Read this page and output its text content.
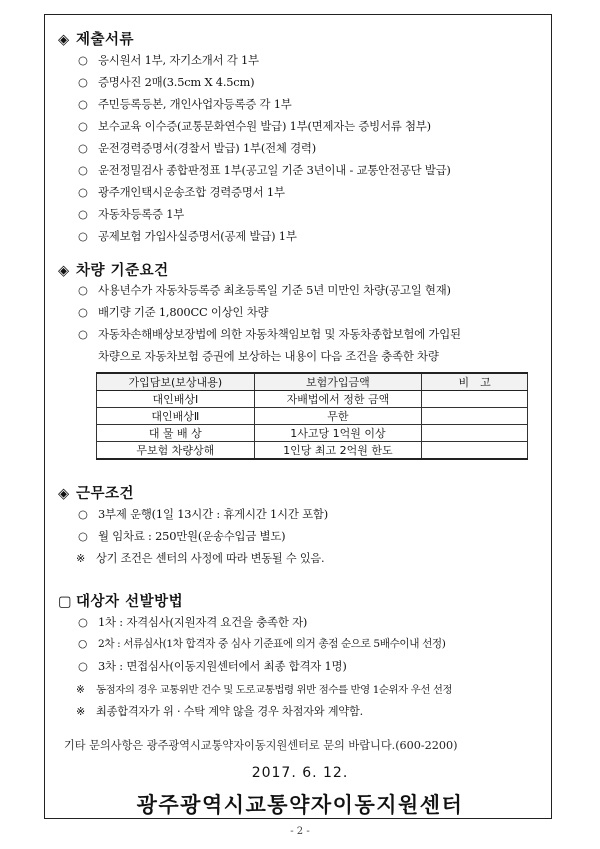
◈ 제출서류
○ 응시원서 1부, 자기소개서 각 1부
○ 증명사진 2매(3.5cm X 4.5cm)
○ 주민등록등본, 개인사업자등록증 각 1부
○ 보수교육 이수증(교통문화연수원 발급) 1부(면제자는 증빙서류 첨부)
○ 운전경력증명서(경찰서 발급) 1부(전체 경력)
○ 운전정밀검사 종합판정표 1부(공고일 기준 3년이내 - 교통안전공단 발급)
○ 광주개인택시운송조합 경력증명서 1부
○ 자동차등록증 1부
○ 공제보험 가입사실증명서(공제 발급) 1부
◈ 차량 기준요건
○ 사용년수가 자동차등록증 최초등록일 기준 5년 미만인 차량(공고일 현재)
○ 배기량 기준 1,800CC 이상인 차량
○ 자동차손해배상보장법에 의한 자동차책임보험 및 자동차종합보험에 가입된
차량으로 자동차보험 증권에 보상하는 내용이 다음 조건을 충족한 차량
가입담보(보상내용)	보험가입금액	비　고
대인배상Ⅰ	자배법에서 정한 금액	
대인배상Ⅱ	무한	
대 물 배 상	1사고당 1억원 이상	
무보험 차량상해	1인당 최고 2억원 한도	
◈ 근무조건
○ 3부제 운행(1일 13시간 : 휴게시간 1시간 포함)
○ 월 임차료 : 250만원(운송수입금 별도)
※ 상기 조건은 센터의 사정에 따라 변동될 수 있음.
▢ 대상자 선발방법
○ 1차 : 자격심사(지원자격 요건을 충족한 자)
○ 2차 : 서류심사(1차 합격자 중 심사 기준표에 의거 총점 순으로 5배수이내 선정)
○ 3차 : 면접심사(이동지원센터에서 최종 합격자 1명)
※ 동점자의 경우 교통위반 건수 및 도로교통법령 위반 점수를 반영 1순위자 우선 선정
※ 최종합격자가 위 · 수탁 계약 않을 경우 차점자와 계약함.
기타 문의사항은 광주광역시교통약자이동지원센터로 문의 바랍니다.(600-2200)
2017. 6. 12.
광주광역시교통약자이동지원센터
- 2 -
